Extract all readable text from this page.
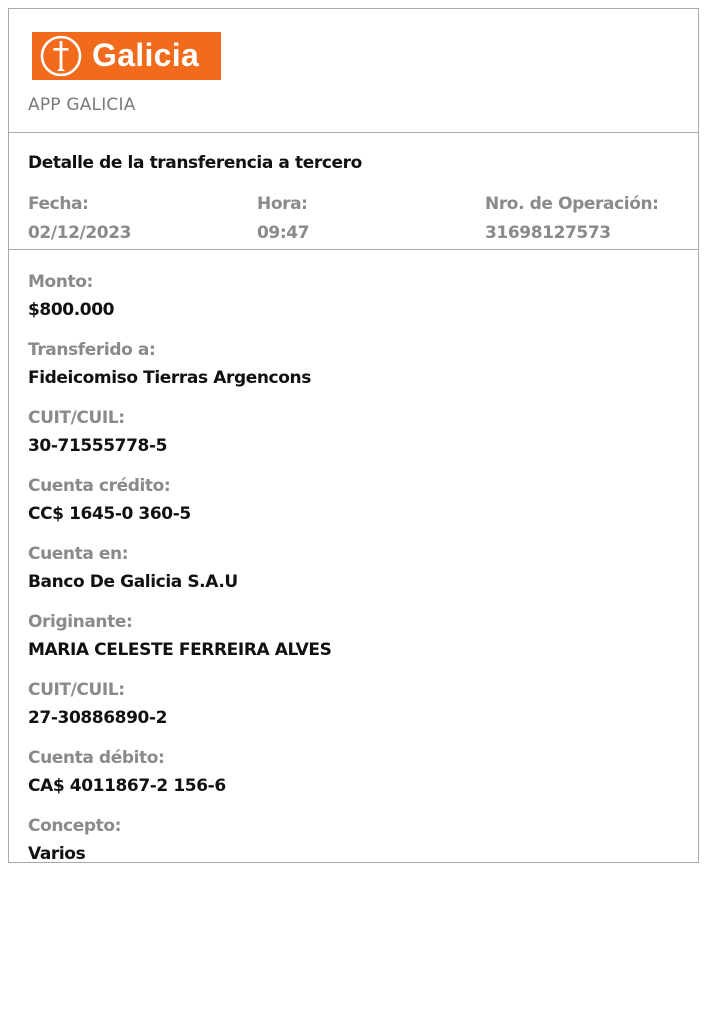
Galicia
APP GALICIA
Detalle de la transferencia a tercero
Fecha:
02/12/2023
Hora:
09:47
Nro. de Operación:
31698127573
Monto:
$800.000
Transferido a:
Fideicomiso Tierras Argencons
CUIT/CUIL:
30-71555778-5
Cuenta crédito:
CC$ 1645-0 360-5
Cuenta en:
Banco De Galicia S.A.U
Originante:
MARIA CELESTE FERREIRA ALVES
CUIT/CUIL:
27-30886890-2
Cuenta débito:
CA$ 4011867-2 156-6
Concepto:
Varios
